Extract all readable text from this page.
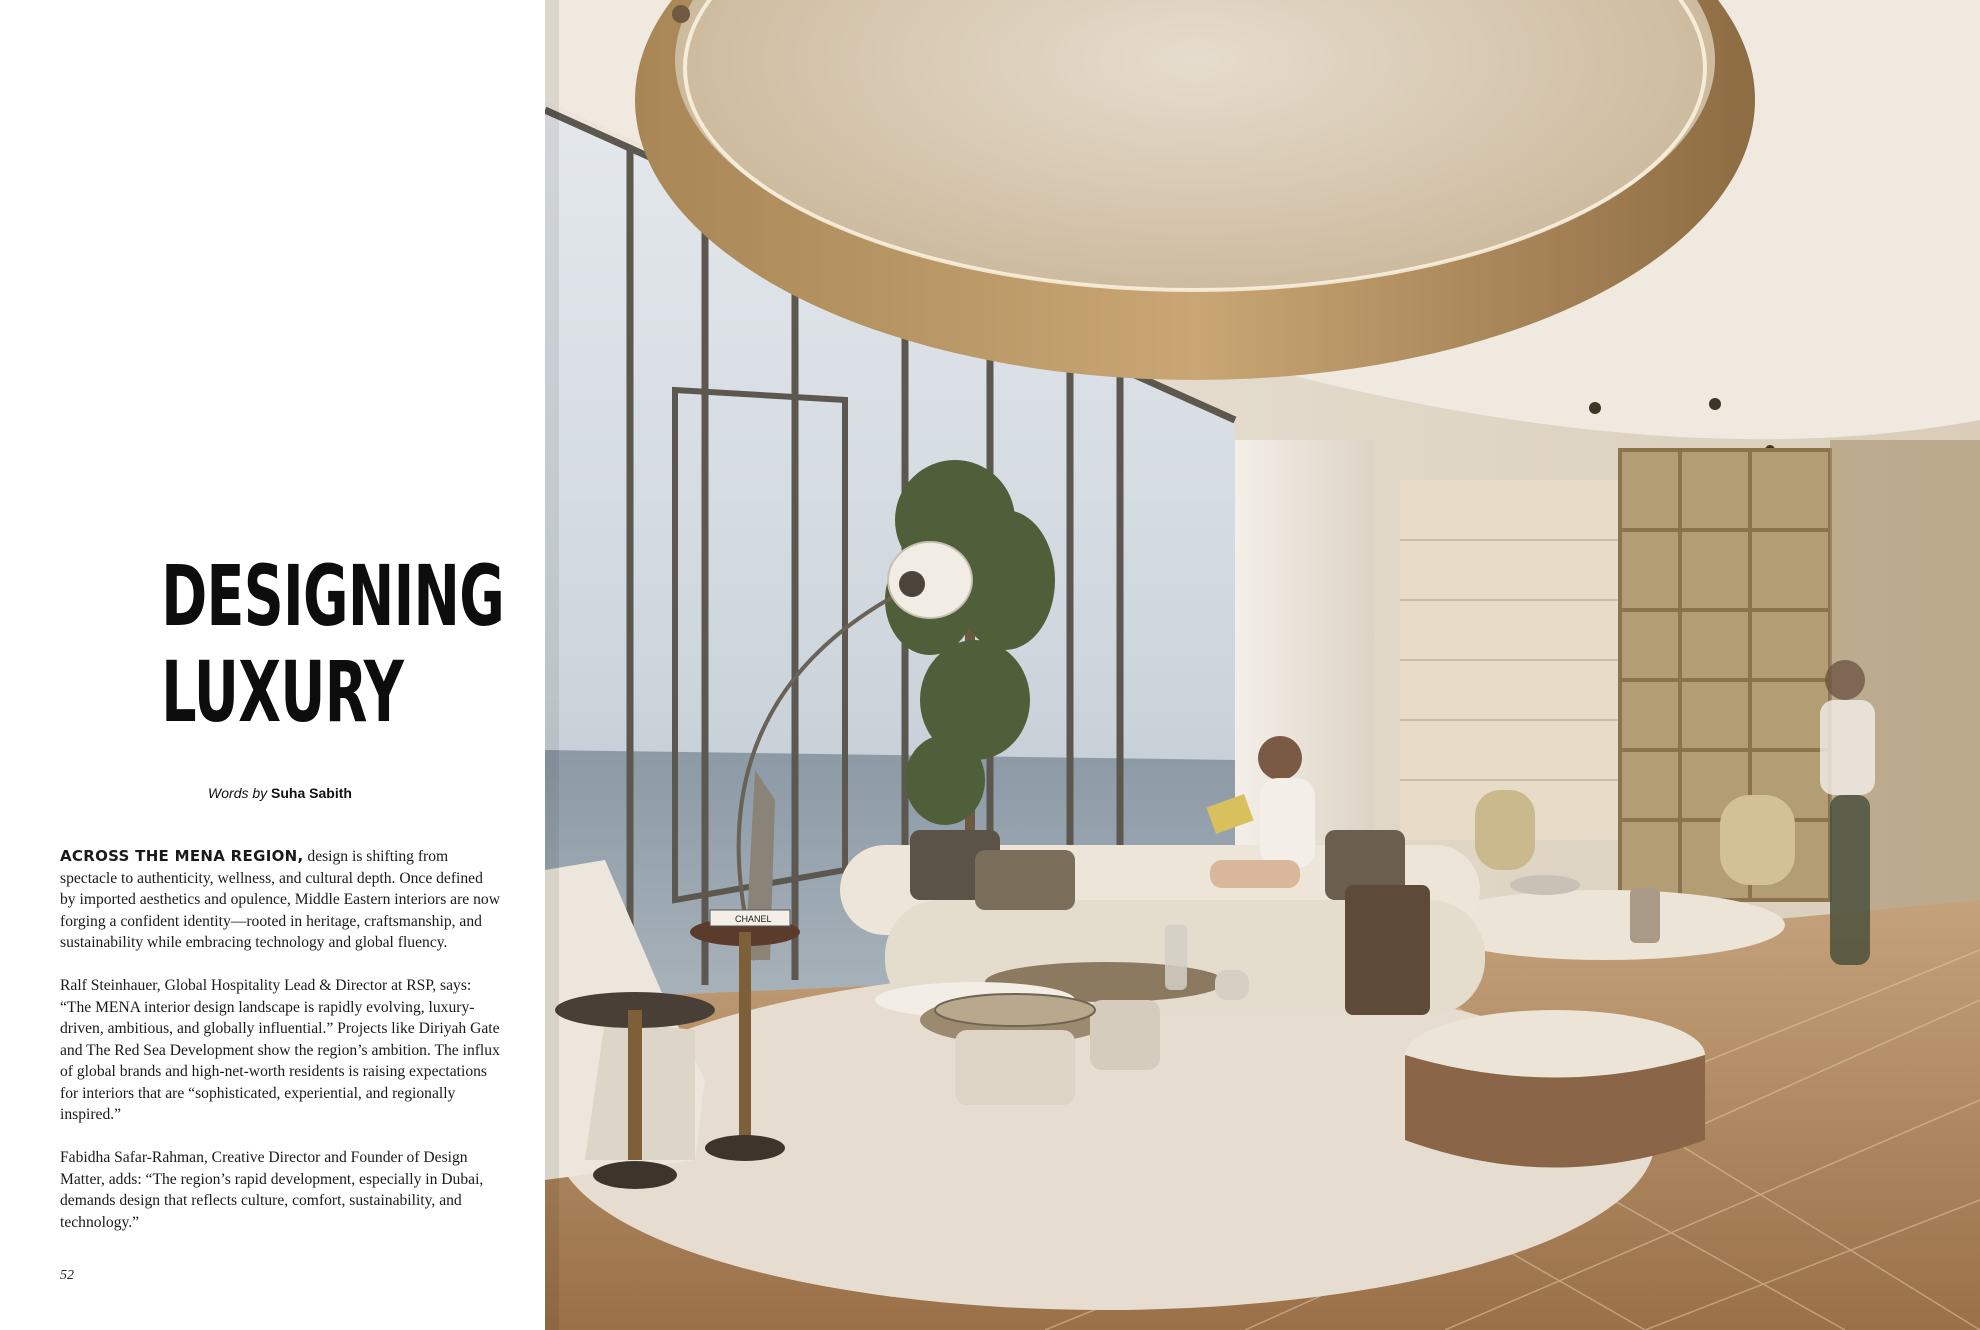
DESIGNING
LUXURY
Words by Suha Sabith

ACROSS THE MENA REGION, design is shifting from spectacle to authenticity, wellness, and cultural depth. Once defined by imported aesthetics and opulence, Middle Eastern interiors are now forging a confident identity—rooted in heritage, craftsmanship, and sustainability while embracing technology and global fluency.

Ralf Steinhauer, Global Hospitality Lead & Director at RSP, says: “The MENA interior design landscape is rapidly evolving, luxury-driven, ambitious, and globally influential.” Projects like Diriyah Gate and The Red Sea Development show the region’s ambition. The influx of global brands and high-net-worth residents is raising expectations for interiors that are “sophisticated, experiential, and regionally inspired.”

Fabidha Safar-Rahman, Creative Director and Founder of Design Matter, adds: “The region’s rapid development, especially in Dubai, demands design that reflects culture, comfort, sustainability, and technology.”

52
CHANEL
